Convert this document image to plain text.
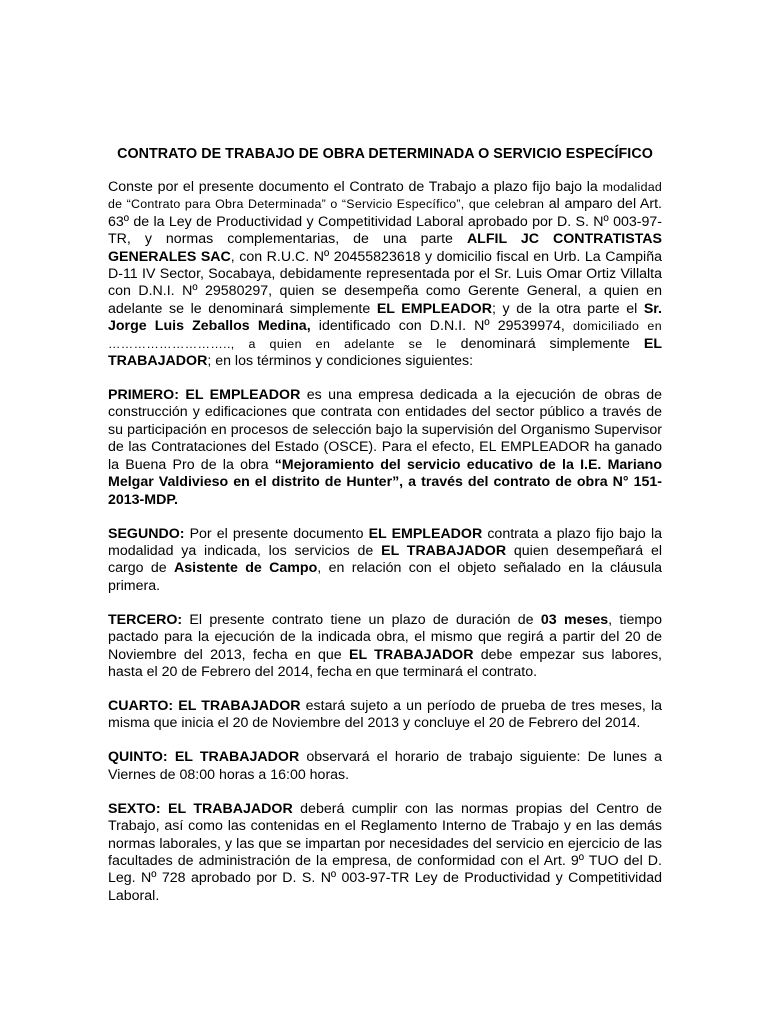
CONTRATO DE TRABAJO DE OBRA DETERMINADA O SERVICIO ESPECÍFICO

Conste por el presente documento el Contrato de Trabajo a plazo fijo bajo la modalidad de “Contrato para Obra Determinada” o “Servicio Específico”, que celebran al amparo del Art. 63º de la Ley de Productividad y Competitividad Laboral aprobado por D. S. Nº 003-97-TR, y normas complementarias, de una parte ALFIL JC CONTRATISTAS GENERALES SAC, con R.U.C. Nº 20455823618 y domicilio fiscal en Urb. La Campiña D-11 IV Sector, Socabaya, debidamente representada por el Sr. Luis Omar Ortiz Villalta con D.N.I. Nº 29580297, quien se desempeña como Gerente General, a quien en adelante se le denominará simplemente EL EMPLEADOR; y de la otra parte el Sr. Jorge Luis Zeballos Medina, identificado con D.N.I. Nº 29539974, domiciliado en ……………………….., a quien en adelante se le denominará simplemente EL TRABAJADOR; en los términos y condiciones siguientes:

PRIMERO: EL EMPLEADOR es una empresa dedicada a la ejecución de obras de construcción y edificaciones que contrata con entidades del sector público a través de su participación en procesos de selección bajo la supervisión del Organismo Supervisor de las Contrataciones del Estado (OSCE). Para el efecto, EL EMPLEADOR ha ganado la Buena Pro de la obra “Mejoramiento del servicio educativo de la I.E. Mariano Melgar Valdivieso en el distrito de Hunter”, a través del contrato de obra N° 151-2013-MDP.

SEGUNDO: Por el presente documento EL EMPLEADOR contrata a plazo fijo bajo la modalidad ya indicada, los servicios de EL TRABAJADOR quien desempeñará el cargo de Asistente de Campo, en relación con el objeto señalado en la cláusula primera.

TERCERO: El presente contrato tiene un plazo de duración de 03 meses, tiempo pactado para la ejecución de la indicada obra, el mismo que regirá a partir del 20 de Noviembre del 2013, fecha en que EL TRABAJADOR debe empezar sus labores, hasta el 20 de Febrero del 2014, fecha en que terminará el contrato.

CUARTO: EL TRABAJADOR estará sujeto a un período de prueba de tres meses, la misma que inicia el 20 de Noviembre del 2013 y concluye el 20 de Febrero del 2014.

QUINTO: EL TRABAJADOR observará el horario de trabajo siguiente: De lunes a Viernes de 08:00 horas a 16:00 horas.

SEXTO: EL TRABAJADOR deberá cumplir con las normas propias del Centro de Trabajo, así como las contenidas en el Reglamento Interno de Trabajo y en las demás normas laborales, y las que se impartan por necesidades del servicio en ejercicio de las facultades de administración de la empresa, de conformidad con el Art. 9º TUO del D. Leg. Nº 728 aprobado por D. S. Nº 003-97-TR Ley de Productividad y Competitividad Laboral.
